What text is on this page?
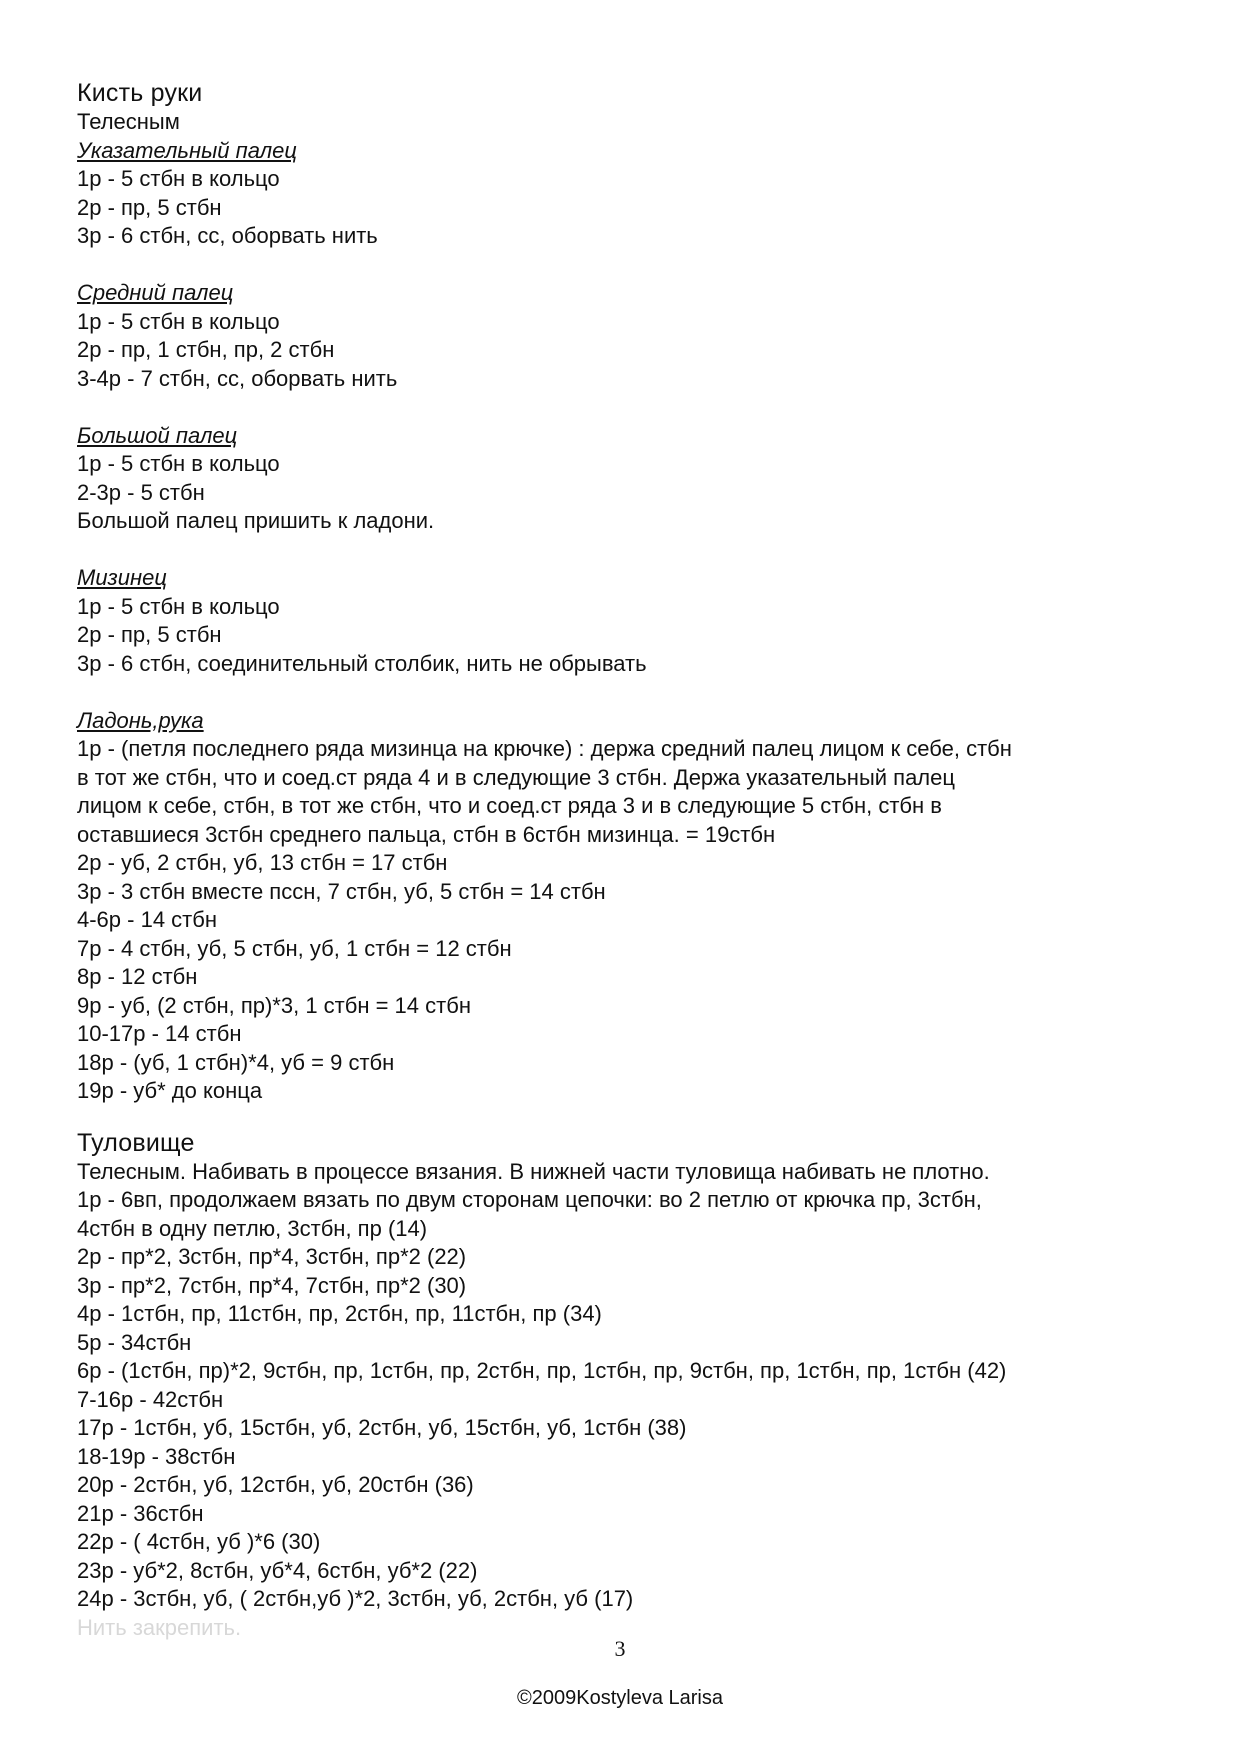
Кисть руки

Телесным

Указательный палец

1р - 5 стбн в кольцо

2р - пр, 5 стбн

3р - 6 стбн, сс, оборвать нить

Средний палец

1р - 5 стбн в кольцо

2р - пр, 1 стбн, пр, 2 стбн

3-4р - 7 стбн, сс, оборвать нить

Большой палец

1р - 5 стбн в кольцо

2-3р - 5 стбн

Большой палец пришить к ладони.

Мизинец

1р - 5 стбн в кольцо

2р - пр, 5 стбн

3р - 6 стбн, соединительный столбик, нить не обрывать

Ладонь,рука

1р - (петля последнего ряда мизинца на крючке) : держа средний палец лицом к себе, стбн

в тот же стбн, что и соед.ст ряда 4 и в следующие 3 стбн. Держа указательный палец

лицом к себе, стбн, в тот же стбн, что и соед.ст ряда 3 и в следующие 5 стбн, стбн в

оставшиеся 3стбн среднего пальца, стбн в 6стбн мизинца. = 19стбн

2р - уб, 2 стбн, уб, 13 стбн = 17 стбн

3р - 3 стбн вместе пссн, 7 стбн, уб, 5 стбн = 14 стбн

4-6р - 14 стбн

7р - 4 стбн, уб, 5 стбн, уб, 1 стбн = 12 стбн

8р - 12 стбн

9р - уб, (2 стбн, пр)*3, 1 стбн = 14 стбн

10-17р - 14 стбн

18р - (уб, 1 стбн)*4, уб = 9 стбн

19р - уб* до конца

Туловище

Телесным. Набивать в процессе вязания. В нижней части туловища набивать не плотно.

1р - 6вп, продолжаем вязать по двум сторонам цепочки: во 2 петлю от крючка пр, 3стбн,

4стбн в одну петлю, 3стбн, пр (14)

2р - пр*2, 3стбн, пр*4, 3стбн, пр*2 (22)

3р - пр*2, 7стбн, пр*4, 7стбн, пр*2 (30)

4р - 1стбн, пр, 11стбн, пр, 2стбн, пр, 11стбн, пр (34)

5р - 34стбн

6р - (1стбн, пр)*2, 9стбн, пр, 1стбн, пр, 2стбн, пр, 1стбн, пр, 9стбн, пр, 1стбн, пр, 1стбн (42)

7-16р - 42стбн

17р - 1стбн, уб, 15стбн, уб, 2стбн, уб, 15стбн, уб, 1стбн (38)

18-19р - 38стбн

20р - 2стбн, уб, 12стбн, уб, 20стбн (36)

21р - 36стбн

22р - ( 4стбн, уб )*6 (30)

23р - уб*2, 8стбн, уб*4, 6стбн, уб*2 (22)

24р - 3стбн, уб, ( 2стбн,уб )*2, 3стбн, уб, 2стбн, уб (17)

Нить закрепить.

3
©2009Kostyleva Larisa
